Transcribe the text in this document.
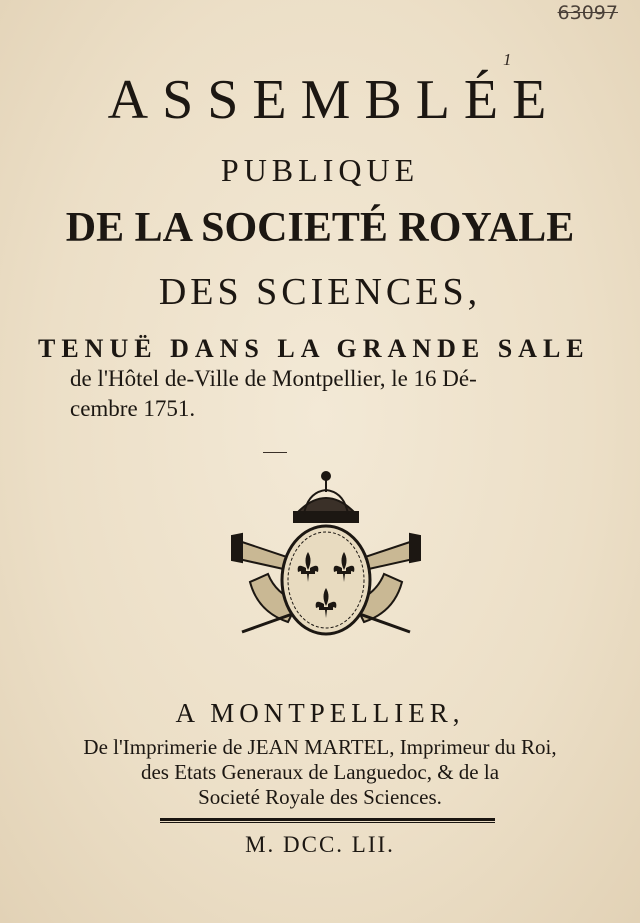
63097
1
ASSEMBLÉE
PUBLIQUE
DE LA SOCIETÉ ROYALE
DES SCIENCES,
TENUË DANS LA GRANDE SALE
de l'Hôtel de-Ville de Montpellier, le 16 Dé-
cembre 1751.
A MONTPELLIER,
De l'Imprimerie de JEAN MARTEL, Imprimeur du Roi,
des Etats Generaux de Languedoc, & de la
Societé Royale des Sciences.
M. DCC. LII.
